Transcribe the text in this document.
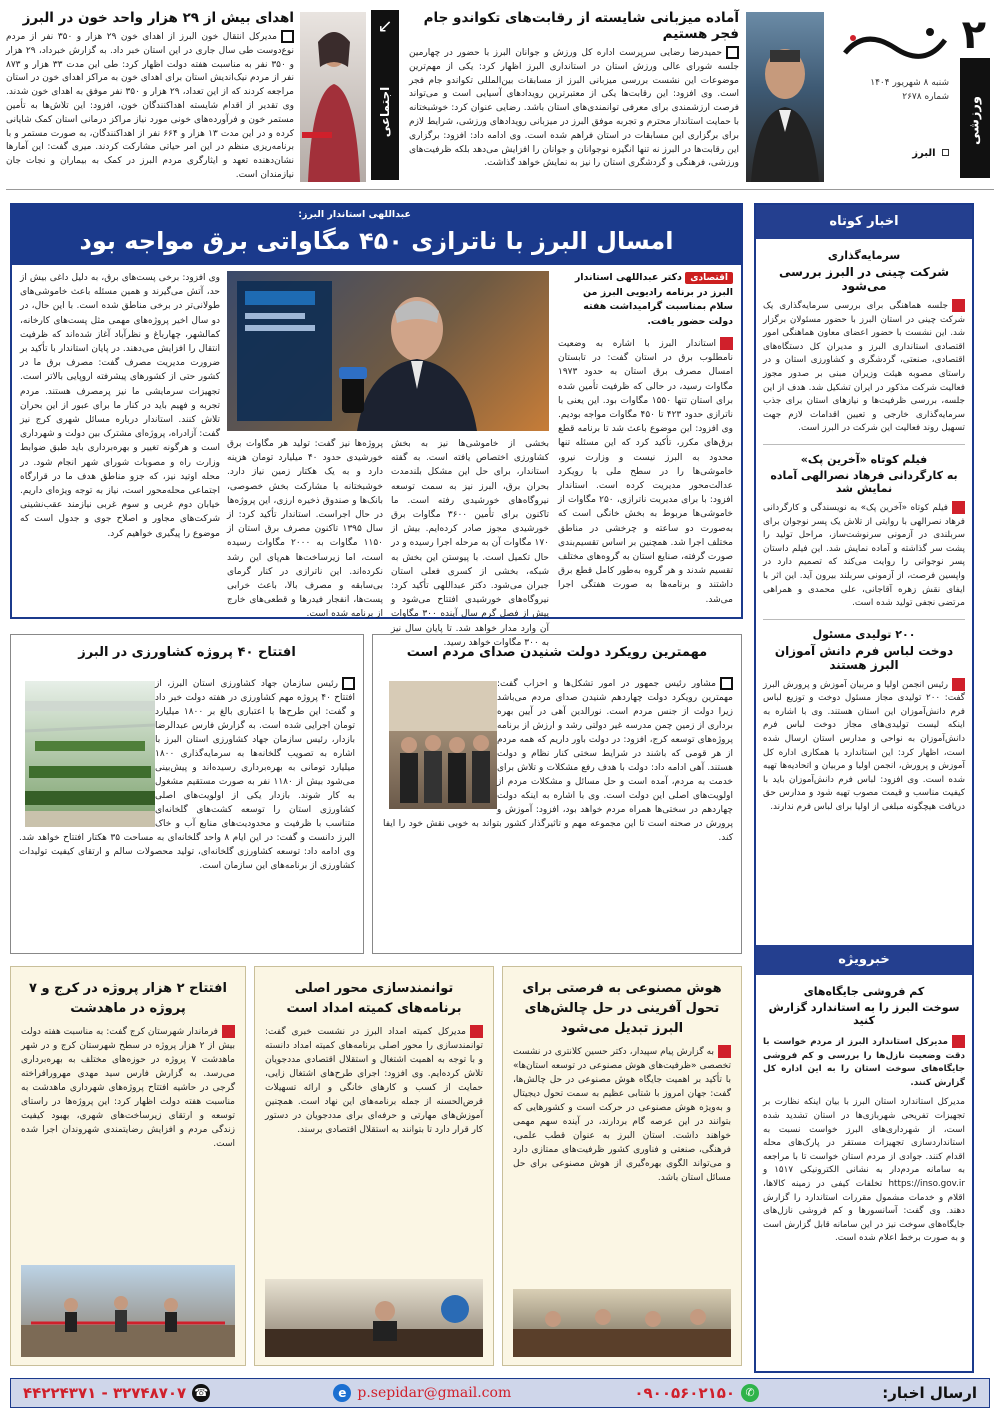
۲
شنبه ۸ شهریور ۱۴۰۴
شماره ۲۶۷۸
البرز
ورزشی
آماده میزبانی شایسته از رقابت‌های تکواندو جام فجر هستیم
حمیدرضا رضایی سرپرست اداره کل ورزش و جوانان البرز با حضور در چهارمین جلسه شورای عالی ورزش استان در استانداری البرز اظهار کرد: یکی از مهم‌ترین موضوعات این نشست بررسی میزبانی البرز از مسابقات بین‌المللی تکواندو جام فجر است. وی افزود: این رقابت‌ها یکی از معتبرترین رویدادهای آسیایی است و می‌تواند فرصت ارزشمندی برای معرفی توانمندی‌های استان باشد. رضایی عنوان کرد: خوشبختانه با حمایت استاندار محترم و تجربه موفق البرز در میزبانی رویدادهای ورزشی، شرایط لازم برای برگزاری این مسابقات در استان فراهم شده است. وی ادامه داد: افزود: برگزاری این رقابت‌ها در البرز نه تنها انگیزه نوجوانان و جوانان را افزایش می‌دهد بلکه ظرفیت‌های ورزشی، فرهنگی و گردشگری استان را نیز به نمایش خواهد گذاشت.
↙
اجتماعی
اهدای بیش از ۲۹ هزار واحد خون در البرز
مدیرکل انتقال خون البرز از اهدای خون ۲۹ هزار و ۳۵۰ نفر از مردم نوع‌دوست طی سال جاری در این استان خبر داد. به گزارش خبرداد، ۲۹ هزار و ۳۵۰ نفر به مناسبت هفته دولت اظهار کرد: طی این مدت ۳۳ هزار و ۸۷۳ نفر از مردم نیک‌اندیش استان برای اهدای خون به مراکز اهدای خون در استان مراجعه کردند که از این تعداد، ۲۹ هزار و ۳۵۰ نفر موفق به اهدای خون شدند. وی تقدیر از اقدام شایسته اهداکنندگان خون، افزود: این تلاش‌ها به تأمین مستمر خون و فرآورده‌های خونی مورد نیاز مراکز درمانی استان کمک شایانی کرده و در این مدت ۱۳ هزار و ۶۶۴ نفر از اهداکنندگان، به صورت مستمر و با برنامه‌ریزی منظم در این امر حیاتی مشارکت کردند. میری گفت: این آمارها نشان‌دهنده تعهد و ایثارگری مردم البرز در کمک به بیماران و نجات جان نیازمندان است.
اخبار کوتاه
سرمایه‌گذاری
شرکت چینی در البرز بررسی می‌شود
جلسه هماهنگی برای بررسی سرمایه‌گذاری یک شرکت چینی در استان البرز با حضور مسئولان برگزار شد. این نشست با حضور اعضای معاون هماهنگی امور اقتصادی استانداری البرز و مدیران کل دستگاه‌های اقتصادی، صنعتی، گردشگری و کشاورزی استان و در راستای مصوبه هیئت وزیران مبنی بر صدور مجوز فعالیت شرکت مذکور در ایران تشکیل شد. هدف از این جلسه، بررسی ظرفیت‌ها و نیازهای استان برای جذب سرمایه‌گذاری خارجی و تعیین اقدامات لازم جهت تسهیل روند فعالیت این شرکت در البرز است.
فیلم کوتاه «آخرین پک»
به کارگردانی فرهاد نصرالهی آماده نمایش شد
فیلم کوتاه «آخرین پک» به نویسندگی و کارگردانی فرهاد نصرالهی با روایتی از تلاش یک پسر نوجوان برای سربلندی در آزمونی سرنوشت‌ساز، مراحل تولید را پشت سر گذاشته و آماده نمایش شد. این فیلم داستان پسر نوجوانی را روایت می‌کند که تصمیم دارد در واپسین فرصت، از آزمونی سربلند بیرون آید. این اثر با ایفای نقش زهره آقاجانی، علی محمدی و همراهی مرتضی نجفی تولید شده است.
۲۰۰ تولیدی مسئول
دوخت لباس فرم دانش آموزان البرز هستند
رئیس انجمن اولیا و مربیان آموزش و پرورش البرز گفت: ۲۰۰ تولیدی مجاز مسئول دوخت و توزیع لباس فرم دانش‌آموزان این استان هستند. وی با اشاره به اینکه لیست تولیدی‌های مجاز دوخت لباس فرم دانش‌آموزان به نواحی و مدارس استان ارسال شده است، اظهار کرد: این استاندارد با همکاری اداره کل آموزش و پرورش، انجمن اولیا و مربیان و اتحادیه‌ها تهیه شده است. وی افزود: لباس فرم دانش‌آموزان باید با کیفیت مناسب و قیمت مصوب تهیه شود و مدارس حق دریافت هیچگونه مبلغی از اولیا برای لباس فرم ندارند.
خبرویژه
کم فروشی جایگاه‌های
سوخت البرز را به استاندارد گزارش کنید
مدیرکل استاندارد البرز از مردم خواست با دقت وضعیت نازل‌ها را بررسی و کم فروشی جایگاه‌های سوخت استان را به این اداره کل گزارش کنند.
مدیرکل استاندارد استان البرز با بیان اینکه نظارت بر تجهیزات تفریحی شهربازی‌ها در استان تشدید شده است، از شهرداری‌های البرز خواست نسبت به استانداردسازی تجهیزات مستقر در پارک‌های محله اقدام کنند. جوادی از مردم استان خواست تا با مراجعه به سامانه مردم‌دار به نشانی الکترونیکی ۱۵۱۷ و https://inso.gov.ir تخلفات کیفی در زمینه کالاها، اقلام و خدمات مشمول مقررات استاندارد را گزارش دهند. وی گفت: آسانسورها و کم فروشی نازل‌های جایگاه‌های سوخت نیز در این سامانه قابل گزارش است و به صورت برخط اعلام شده است.
عبداللهی استاندار البرز:
امسال البرز با ناترازی ۴۵۰ مگاواتی برق مواجه بود
اقتصادی دکتر عبداللهی استاندار البرز در برنامه رادیویی البرز من سلام بمناسبت گرامیداشت هفته دولت حضور یافت.
استاندار البرز با اشاره به وضعیت نامطلوب برق در استان گفت: در تابستان امسال مصرف برق استان به حدود ۱۹۷۳ مگاوات رسید، در حالی که ظرفیت تأمین شده برای استان تنها ۱۵۵۰ مگاوات بود. این یعنی با ناترازی حدود ۴۲۳ تا ۴۵۰ مگاوات مواجه بودیم. وی افزود: این موضوع باعث شد تا برنامه قطع برق‌های مکرر، تأکید کرد که این مسئله تنها محدود به البرز نیست و وزارت نیرو، خاموشی‌ها را در سطح ملی با رویکرد عدالت‌محور مدیریت کرده است. استاندار افزود: با برای مدیریت ناترازی، ۲۵۰ مگاوات از خاموشی‌ها مربوط به بخش خانگی است که به‌صورت دو ساعته و چرخشی در مناطق مختلف اجرا شد. همچنین بر اساس تقسیم‌بندی صورت گرفته، صنایع استان به گروه‌های مختلف تقسیم شدند و هر گروه به‌طور کامل قطع برق داشتند و برنامه‌ها به صورت هفتگی اجرا می‌شد.
بخشی از خاموشی‌ها نیز به بخش کشاورزی اختصاص یافته است. به گفته استاندار، برای حل این مشکل بلندمدت بحران برق، البرز نیز به سمت توسعه نیروگاه‌های خورشیدی رفته است. ما تاکنون برای تأمین ۳۶۰۰ مگاوات برق خورشیدی مجوز صادر کرده‌ایم. بیش از ۱۷۰ مگاوات آن به مرحله اجرا رسیده و در حال تکمیل است. با پیوستن این بخش به شبکه، بخشی از کسری فعلی استان جبران می‌شود. دکتر عبداللهی تأکید کرد: نیروگاه‌های خورشیدی افتتاح می‌شود و پیش از فصل گرم سال آینده ۳۰۰ مگاوات آن وارد مدار خواهد شد. تا پایان سال نیز به ۳۰۰ مگاوات خواهد رسید.
پروژه‌ها نیز گفت: تولید هر مگاوات برق خورشیدی حدود ۴۰ میلیارد تومان هزینه دارد و به یک هکتار زمین نیاز دارد. خوشبختانه با مشارکت بخش خصوصی، بانک‌ها و صندوق ذخیره ارزی، این پروژه‌ها در حال اجراست. استاندار تأکید کرد: از سال ۱۳۹۵ تاکنون مصرف برق استان از ۱۱۵۰ مگاوات به ۲۰۰۰ مگاوات رسیده است، اما زیرساخت‌ها هم‌پای این رشد نکرده‌اند. این ناترازی در کنار گرمای بی‌سابقه و مصرف بالا، باعث خرابی پست‌ها، انفجار فیدرها و قطعی‌های خارج از برنامه شده است.
وی افزود: برخی پست‌های برق، به دلیل داغی بیش از حد، آتش می‌گیرند و همین مسئله باعث خاموشی‌های طولانی‌تر در برخی مناطق شده است. با این حال، در دو سال اخیر پروژه‌های مهمی مثل پست‌های کارخانه، کمالشهر، چهارباغ و نظرآباد آغاز شده‌اند که ظرفیت انتقال را افزایش می‌دهند. در پایان استاندار با تأکید بر ضرورت مدیریت مصرف گفت: مصرف برق ما در کشور حتی از کشورهای پیشرفته اروپایی بالاتر است. تجهیزات سرمایشی ما نیز پرمصرف هستند. مردم تجربه و فهیم باید در کنار ما برای عبور از این بحران تلاش کنند. استاندار درباره مسائل شهری کرج نیز گفت: آزادراه، پروژه‌ای مشترک بین دولت و شهرداری است و هرگونه تغییر و بهره‌برداری باید طبق ضوابط وزارت راه و مصوبات شورای شهر انجام شود. در محله اوتید نیز، که جزو مناطق هدف ما در قرارگاه اجتماعی محله‌محور است، نیاز به توجه ویژه‌ای داریم. خیابان دوم غربی و سوم غربی نیازمند عقب‌نشینی شرکت‌های مجاور و اصلاح جوی و جدول است که موضوع را پیگیری خواهیم کرد.
مهمترین رویکرد دولت شنیدن صدای مردم است
مشاور رئیس جمهور در امور تشکل‌ها و احزاب گفت: مهمترین رویکرد دولت چهاردهم شنیدن صدای مردم می‌باشد زیرا دولت از جنس مردم است. نورالدین آهی در آیین بهره برداری از زمین چمن مدرسه غیر دولتی رشد و ارزش از برنامه پروژه‌های توسعه کرج، افزود: در دولت باور داریم که همه مردم از هر قومی که باشند در شرایط سختی کنار نظام و دولت هستند. آهی ادامه داد: دولت با هدف رفع مشکلات و تلاش برای خدمت به مردم، آمده است و حل مسائل و مشکلات مردم از اولویت‌های اصلی این دولت است. وی با اشاره به اینکه دولت چهاردهم در سختی‌ها همراه مردم خواهد بود، افزود: آموزش و پرورش در صحنه است تا این مجموعه مهم و تاثیرگذار کشور بتواند به خوبی نقش خود را ایفا کند.
افتتاح ۴۰ پروژه کشاورزی در البرز
رئیس سازمان جهاد کشاورزی استان البرز، از افتتاح ۴۰ پروژه مهم کشاورزی در هفته دولت خبر داد و گفت: این طرح‌ها با اعتباری بالغ بر ۱۸۰۰ میلیارد تومان اجرایی شده است. به گزارش فارس عبدالرضا بازدار، رئیس سازمان جهاد کشاورزی استان البرز با اشاره به تصویب گلخانه‌ها به سرمایه‌گذاری ۱۸۰۰ میلیارد تومانی به بهره‌برداری رسیده‌اند و پیش‌بینی می‌شود بیش از ۱۱۸۰ نفر به صورت مستقیم مشغول به کار شوند. بازدار یکی از اولویت‌های اصلی کشاورزی استان را توسعه کشت‌های گلخانه‌ای متناسب با ظرفیت و محدودیت‌های منابع آب و خاک البرز دانست و گفت: در این ایام ۸ واحد گلخانه‌ای به مساحت ۳۵ هکتار افتتاح خواهد شد. وی ادامه داد: توسعه کشاورزی گلخانه‌ای، تولید محصولات سالم و ارتقای کیفیت تولیدات کشاورزی از برنامه‌های این سازمان است.
هوش مصنوعی به فرصتی برای تحول آفرینی در حل چالش‌های البرز تبدیل می‌شود
به گزارش پیام سپیدار، دکتر حسین کلانتری در نشست تخصصی «ظرفیت‌های هوش مصنوعی در توسعه استان‌ها» با تأکید بر اهمیت جایگاه هوش مصنوعی در حل چالش‌ها، گفت: جهان امروز با شتابی عظیم به سمت تحول دیجیتال و به‌ویژه هوش مصنوعی در حرکت است و کشورهایی که بتوانند در این عرصه گام بردارند، در آینده سهم مهمی خواهند داشت. استان البرز به عنوان قطب علمی، فرهنگی، صنعتی و فناوری کشور ظرفیت‌های ممتازی دارد و می‌تواند الگوی بهره‌گیری از هوش مصنوعی برای حل مسائل استان باشد.
توانمندسازی محور اصلی برنامه‌های کمیته امداد است
مدیرکل کمیته امداد البرز در نشست خبری گفت: توانمندسازی را محور اصلی برنامه‌های کمیته امداد دانسته و با توجه به اهمیت اشتغال و استقلال اقتصادی مددجویان تلاش کرده‌ایم. وی افزود: اجرای طرح‌های اشتغال زایی، حمایت از کسب و کارهای خانگی و ارائه تسهیلات قرض‌الحسنه از جمله برنامه‌های این نهاد است. همچنین آموزش‌های مهارتی و حرفه‌ای برای مددجویان در دستور کار قرار دارد تا بتوانند به استقلال اقتصادی برسند.
افتتاح ۲ هزار پروژه در کرج و ۷ پروژه در ماهدشت
فرماندار شهرستان کرج گفت: به مناسبت هفته دولت بیش از ۲ هزار پروژه در سطح شهرستان کرج و در شهر ماهدشت ۷ پروژه در حوزه‌های مختلف به بهره‌برداری می‌رسد. به گزارش فارس سید مهدی مهرورافراخته گرجی در حاشیه افتتاح پروژه‌های شهرداری ماهدشت به مناسبت هفته دولت اظهار کرد: این پروژه‌ها در راستای توسعه و ارتقای زیرساخت‌های شهری، بهبود کیفیت زندگی مردم و افزایش رضایتمندی شهروندان اجرا شده است.
ارسال اخبار:
✆
۰۹۰۰۵۶۰۲۱۵۰
e p.sepidar@gmail.com
☎
۳۲۷۴۸۷۰۷ - ۴۴۲۲۴۳۷۱
